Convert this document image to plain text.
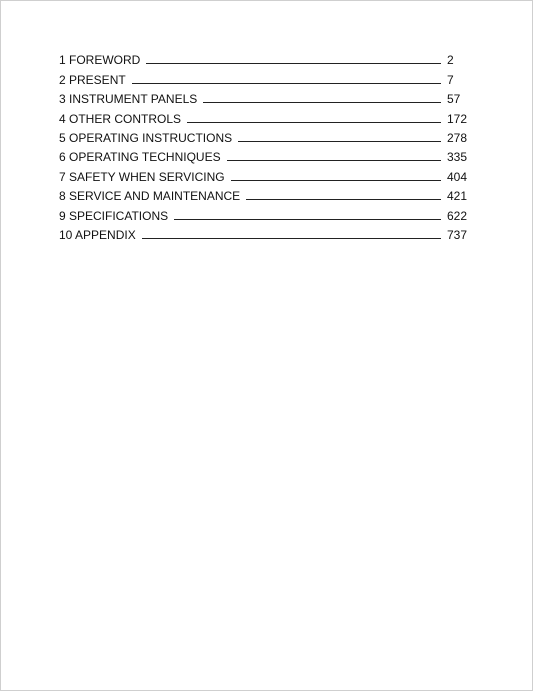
1 FOREWORD	2
2 PRESENT	7
3 INSTRUMENT PANELS	57
4 OTHER CONTROLS	172
5 OPERATING INSTRUCTIONS	278
6 OPERATING TECHNIQUES	335
7 SAFETY WHEN SERVICING	404
8 SERVICE AND MAINTENANCE	421
9 SPECIFICATIONS	622
10 APPENDIX	737
